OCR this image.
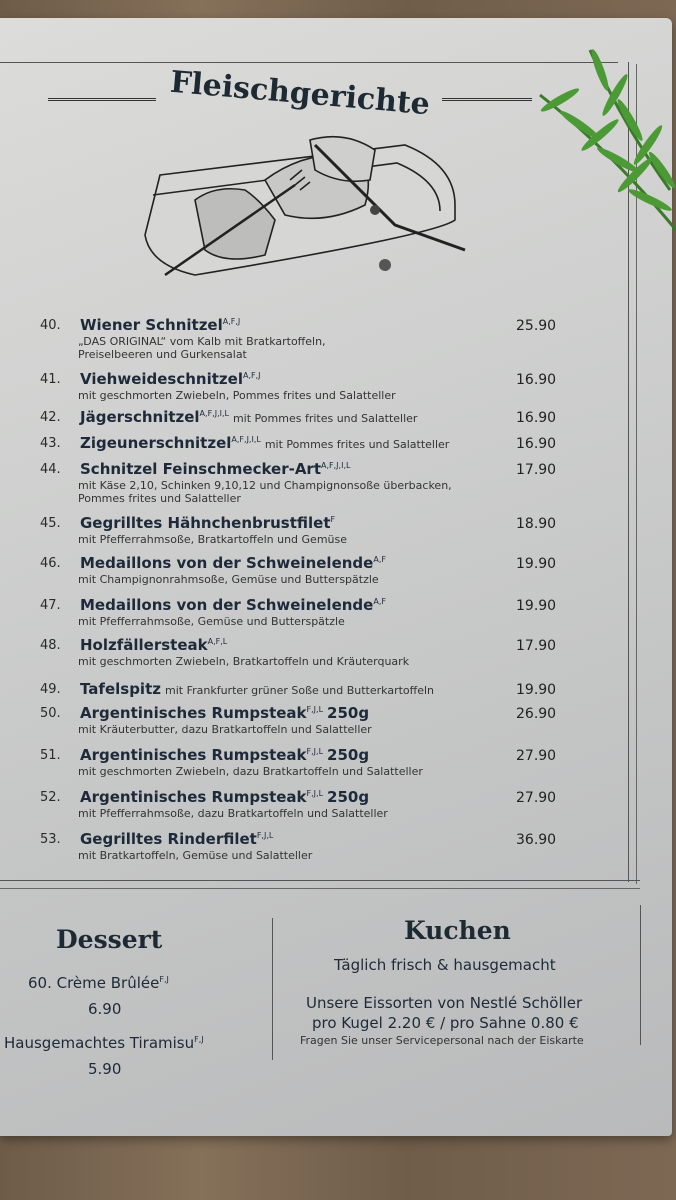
Fleischgerichte
40. Wiener Schnitzel$^{A,F,J}$
„DAS ORIGINAL“ vom Kalb mit Bratkartoffeln,
Preiselbeeren und Gurkensalat
25.90
41. Viehweideschnitzel$^{A,F,J}$
mit geschmorten Zwiebeln, Pommes frites und Salatteller
16.90
42. Jägerschnitzel$^{A,F,J,I,L}$ mit Pommes frites und Salatteller	16.90
43. Zigeunerschnitzel$^{A,F,J,I,L}$ mit Pommes frites und Salatteller	16.90
44. Schnitzel Feinschmecker-Art$^{A,F,J,I,L}$
mit Käse 2,10, Schinken 9,10,12 und Champignonsoße überbacken,
Pommes frites und Salatteller
17.90
45. Gegrilltes Hähnchenbrustfilet$^F$
mit Pfefferrahmsoße, Bratkartoffeln und Gemüse
18.90
46. Medaillons von der Schweinelende$^{A,F}$
mit Champignonrahmsoße, Gemüse und Butterspätzle
19.90
47. Medaillons von der Schweinelende$^{A,F}$
mit Pfefferrahmsoße, Gemüse und Butterspätzle
19.90
48. Holzfällersteak$^{A,F,L}$
mit geschmorten Zwiebeln, Bratkartoffeln und Kräuterquark
17.90
49. Tafelspitz mit Frankfurter grüner Soße und Butterkartoffeln	19.90
50. Argentinisches Rumpsteak$^{F,J,L}$ 250g
mit Kräuterbutter, dazu Bratkartoffeln und Salatteller
26.90
51. Argentinisches Rumpsteak$^{F,J,L}$ 250g
mit geschmorten Zwiebeln, dazu Bratkartoffeln und Salatteller
27.90
52. Argentinisches Rumpsteak$^{F,J,L}$ 250g
mit Pfefferrahmsoße, dazu Bratkartoffeln und Salatteller
27.90
53. Gegrilltes Rinderfilet$^{F,J,L}$
mit Bratkartoffeln, Gemüse und Salatteller
36.90
Dessert
60. Crème Brûlée$^{F,J}$
6.90
Hausgemachtes Tiramisu$^{F,J}$
5.90
Kuchen
Täglich frisch & hausgemacht
Unsere Eissorten von Nestlé Schöller
pro Kugel 2.20 € / pro Sahne 0.80 €
Fragen Sie unser Servicepersonal nach der Eiskarte
